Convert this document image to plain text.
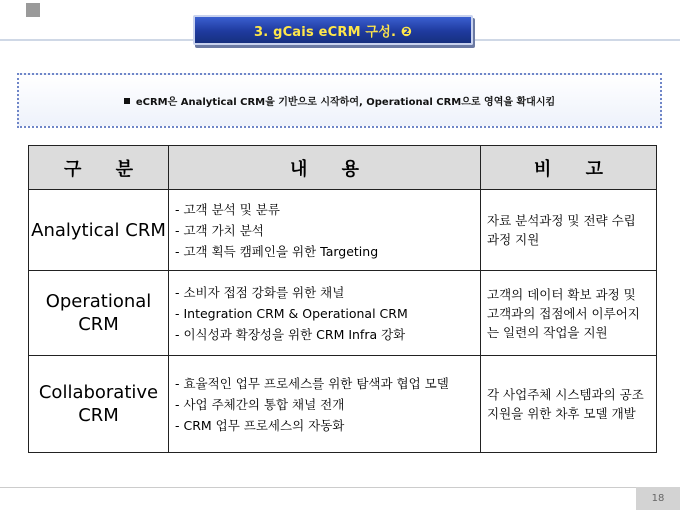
3. gCais eCRM 구성. ❷
eCRM은 Analytical CRM을 기반으로 시작하여, Operational CRM으로 영역을 확대시킴
구 분	내 용	비 고
Analytical CRM	- 고객 분석 및 분류
- 고객 가치 분석
- 고객 획득 캠페인을 위한 Targeting	자료 분석과정 및 전략 수립 과정 지원
Operational CRM	- 소비자 접점 강화를 위한 채널
- Integration CRM & Operational CRM
- 이식성과 확장성을 위한 CRM Infra 강화	고객의 데이터 확보 과정 및 고객과의 접점에서 이루어지는 일련의 작업을 지원
Collaborative CRM	- 효율적인 업무 프로세스를 위한 탐색과 협업 모델
- 사업 주체간의 통합 채널 전개
- CRM 업무 프로세스의 자동화	각 사업주체 시스템과의 공조 지원을 위한 차후 모델 개발
18
